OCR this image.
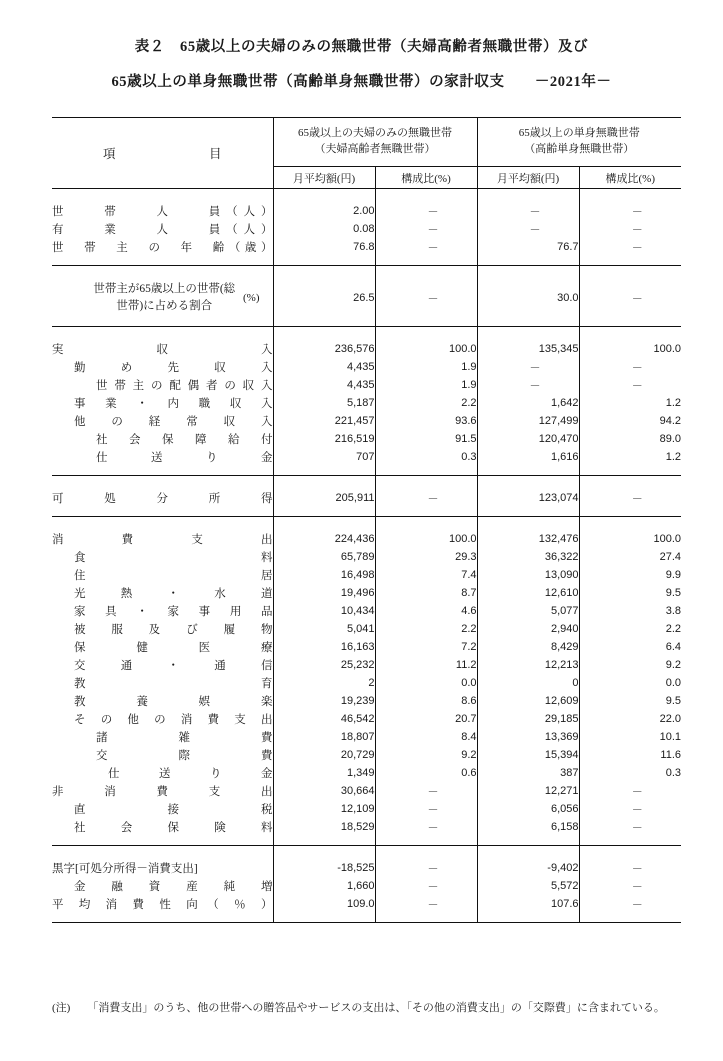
表２　65歳以上の夫婦のみの無職世帯（夫婦高齢者無職世帯）及び
65歳以上の単身無職世帯（高齢単身無職世帯）の家計収支　　－2021年－
項　　　目	
65歳以上の夫婦のみの無職世帯
（夫婦高齢者無職世帯）

65歳以上の単身無職世帯
（高齢単身無職世帯）

	月平均額(円)	構成比(%)	月平均額(円)	構成比(%)

世　　帯　　人　　員（人）	2.00	－	－	－

有　　業　　人　　員（人）	0.08	－	－	－

世　帯　主　の　年　齢（歳）	76.8	－	76.7	－

世帯主が65歳以上の世帯(総
世帯)に占める割合
(%)	26.5	－	30.0	－

実　　　　収　　　　入	236,576	100.0	135,345	100.0

勤　め　先　収　入	4,435	1.9	－	－

世帯主の配偶者の収入	4,435	1.9	－	－

事　業　・　内　職　収　入	5,187	2.2	1,642	1.2

他　の　経　常　収　入	221,457	93.6	127,499	94.2

社　会　保　障　給　付	216,519	91.5	120,470	89.0

仕　　送　　り　　金	707	0.3	1,616	1.2

可　処　分　所　得	205,911	－	123,074	－

消　　費　　支　　出	224,436	100.0	132,476	100.0

食　　　　　　料	65,789	29.3	36,322	27.4

住　　　　　　居	16,498	7.4	13,090	9.9

光　熱　・　水　道	19,496	8.7	12,610	9.5

家　具　・　家　事　用　品	10,434	4.6	5,077	3.8

被　服　及　び　履　物	5,041	2.2	2,940	2.2

保　健　医　療	16,163	7.2	8,429	6.4

交　通　・　通　信	25,232	11.2	12,213	9.2

教　　　　　　育	2	0.0	0	0.0

教　養　娯　楽	19,239	8.6	12,609	9.5

そ　の　他　の　消　費　支　出	46,542	20.7	29,185	22.0

諸　　雑　　費	18,807	8.4	13,369	10.1

交　　際　　費	20,729	9.2	15,394	11.6

仕　送　り　金	1,349	0.6	387	0.3

非　消　費　支　出	30,664	－	12,271	－

直　　接　　税	12,109	－	6,056	－

社　会　保　険　料	18,529	－	6,158	－

黒字[可処分所得－消費支出]	-18,525	－	-9,402	－

金　融　資　産　純　増	1,660	－	5,572	－

平　均　消　費　性　向　（　％　）	109.0	－	107.6	－

(注) 「消費支出」のうち、他の世帯への贈答品やサービスの支出は、「その他の消費支出」の「交際費」に含まれている。
